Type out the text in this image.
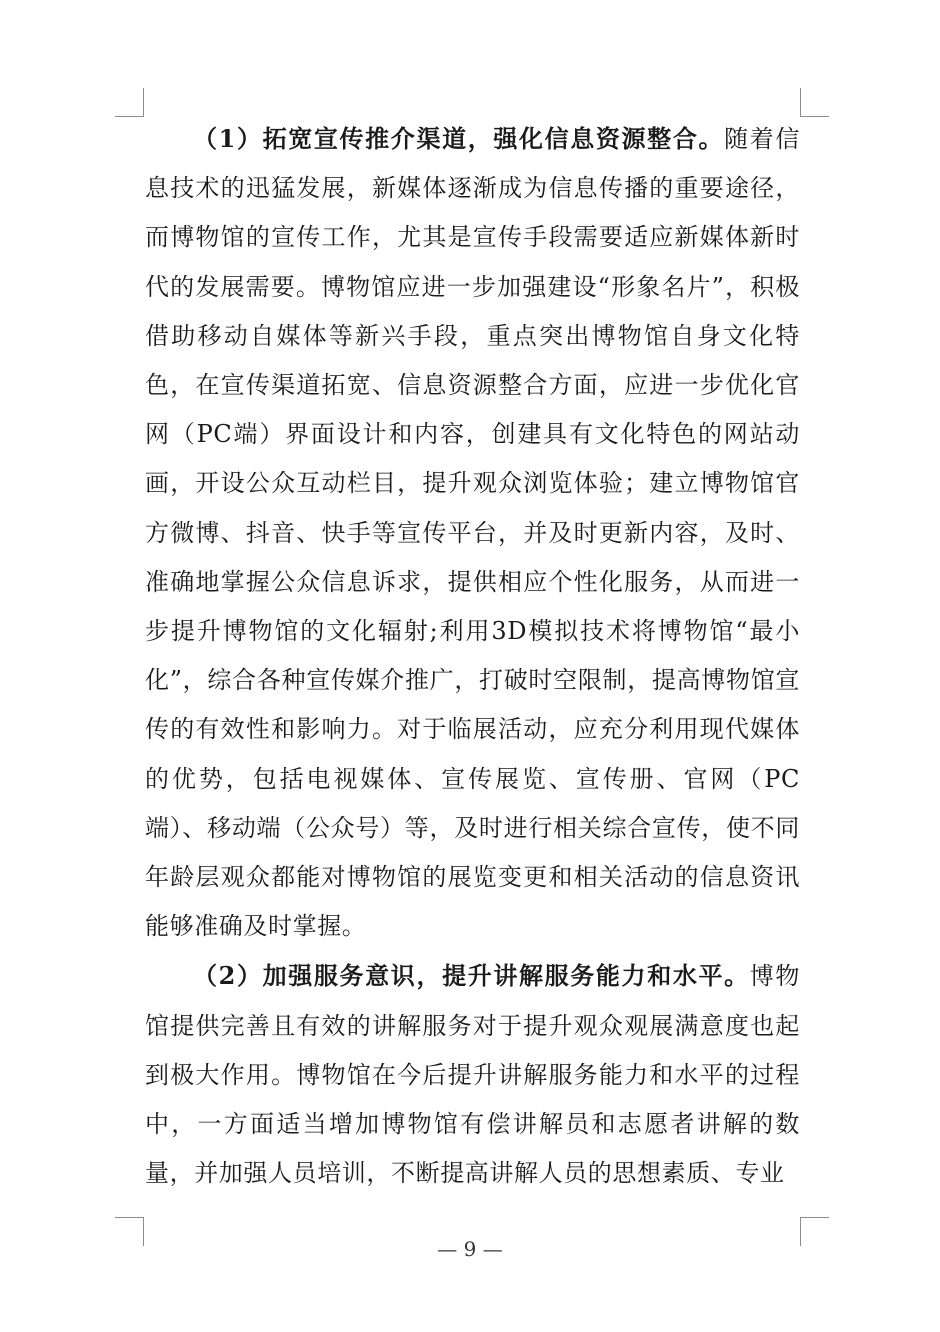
（1）拓宽宣传推介渠道，强化信息资源整合。随着信息技术的迅猛发展，新媒体逐渐成为信息传播的重要途径，而博物馆的宣传工作，尤其是宣传手段需要适应新媒体新时代的发展需要。博物馆应进一步加强建设“形象名片”，积极借助移动自媒体等新兴手段，重点突出博物馆自身文化特色，在宣传渠道拓宽、信息资源整合方面，应进一步优化官网（PC端）界面设计和内容，创建具有文化特色的网站动画，开设公众互动栏目，提升观众浏览体验；建立博物馆官方微博、抖音、快手等宣传平台，并及时更新内容，及时、准确地掌握公众信息诉求，提供相应个性化服务，从而进一步提升博物馆的文化辐射;利用3D模拟技术将博物馆“最小化”，综合各种宣传媒介推广，打破时空限制，提高博物馆宣传的有效性和影响力。对于临展活动，应充分利用现代媒体的优势，包括电视媒体、宣传展览、宣传册、官网（PC端）、移动端（公众号）等，及时进行相关综合宣传，使不同年龄层观众都能对博物馆的展览变更和相关活动的信息资讯能够准确及时掌握。

（2）加强服务意识，提升讲解服务能力和水平。博物馆提供完善且有效的讲解服务对于提升观众观展满意度也起到极大作用。博物馆在今后提升讲解服务能力和水平的过程中，一方面适当增加博物馆有偿讲解员和志愿者讲解的数量，并加强人员培训，不断提高讲解人员的思想素质、专业

— 9 —
